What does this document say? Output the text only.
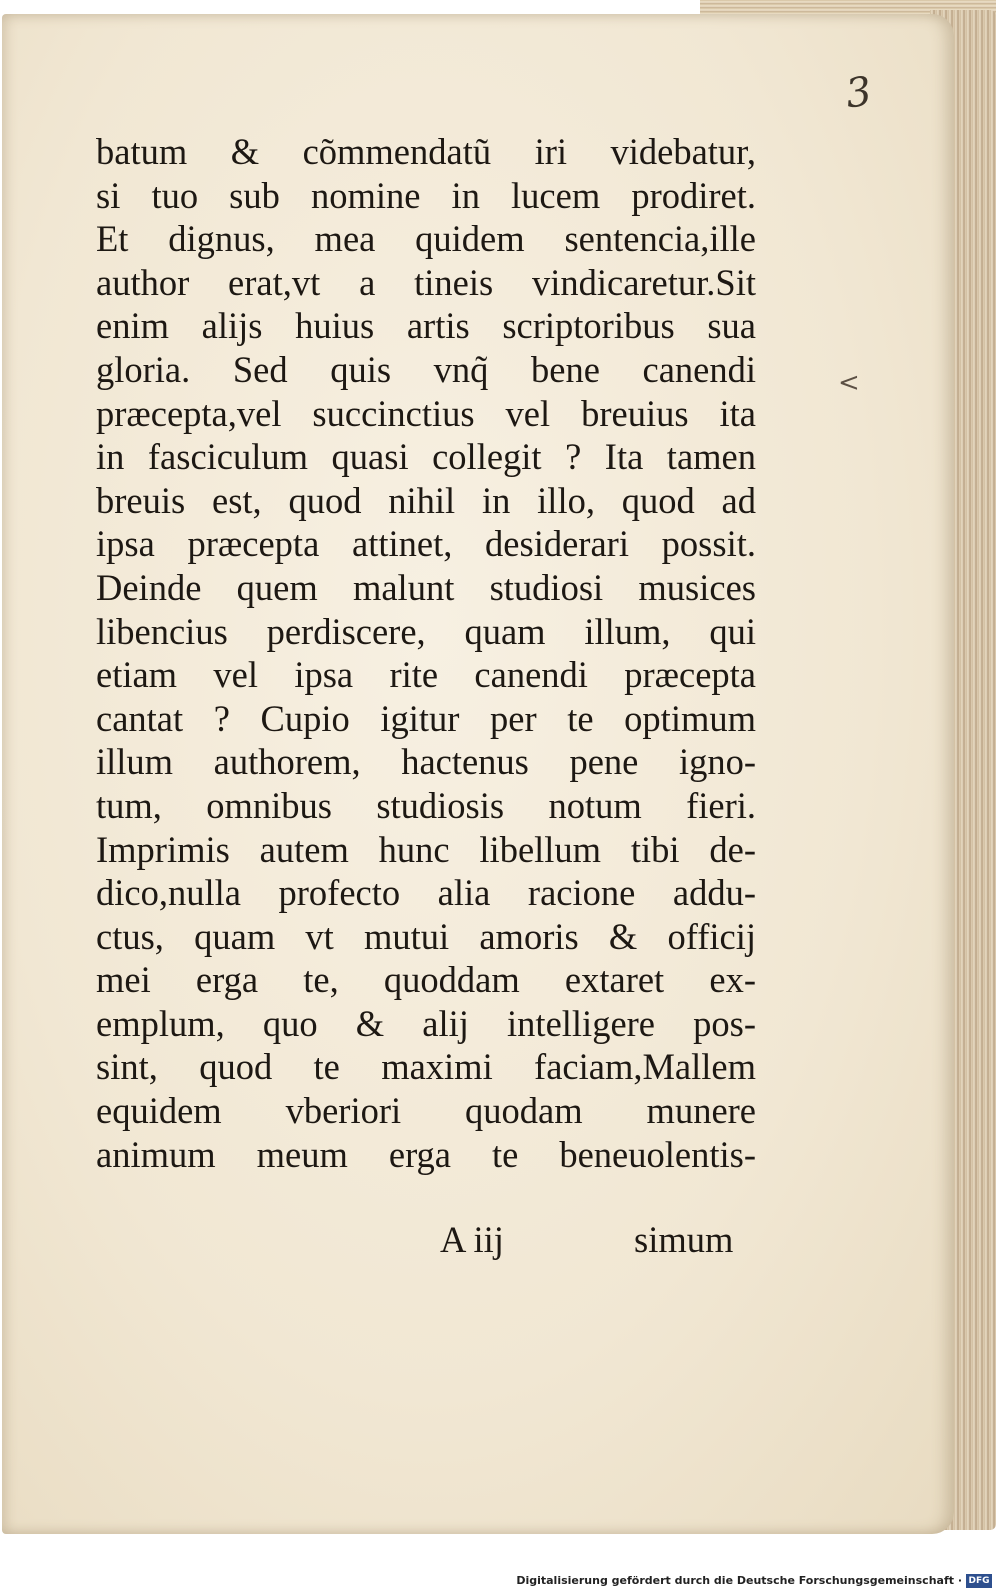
3
<
batum & cõmmendatũ iri videbatur,
si tuo sub nomine in lucem prodiret.
Et dignus, mea quidem sentencia,ille
author erat,vt a tineis vindicaretur.Sit
enim aliјs huius artis scriptoribus sua
gloria. Sed quis vnq̃ bene canendi
præcepta,vel succinctius vel breuius ita
in fasciculum quasi collegit ? Ita tamen
breuis est, quod nihil in illo, quod ad
ipsa præcepta attinet, desiderari possit.
Deinde quem malunt studiosi musices
libencius perdiscere, quam illum, qui
etiam vel ipsa rite canendi præcepta
cantat ? Cupio igitur per te optimum
illum authorem, hactenus pene igno-
tum, omnibus studiosis notum fieri.
Imprimis autem hunc libellum tibi de-
dico,nulla profecto alia racione addu-
ctus, quam vt mutui amoris & officij
mei erga te, quoddam extaret ex-
emplum, quo & aliј intelligere pos-
sint, quod te maximi faciam,Mallem
equidem vberiori quodam munere
animum meum erga te beneuolentis-
A iij	simum
Digitalisierung gefördert durch die Deutsche Forschungsgemeinschaft · DFG
